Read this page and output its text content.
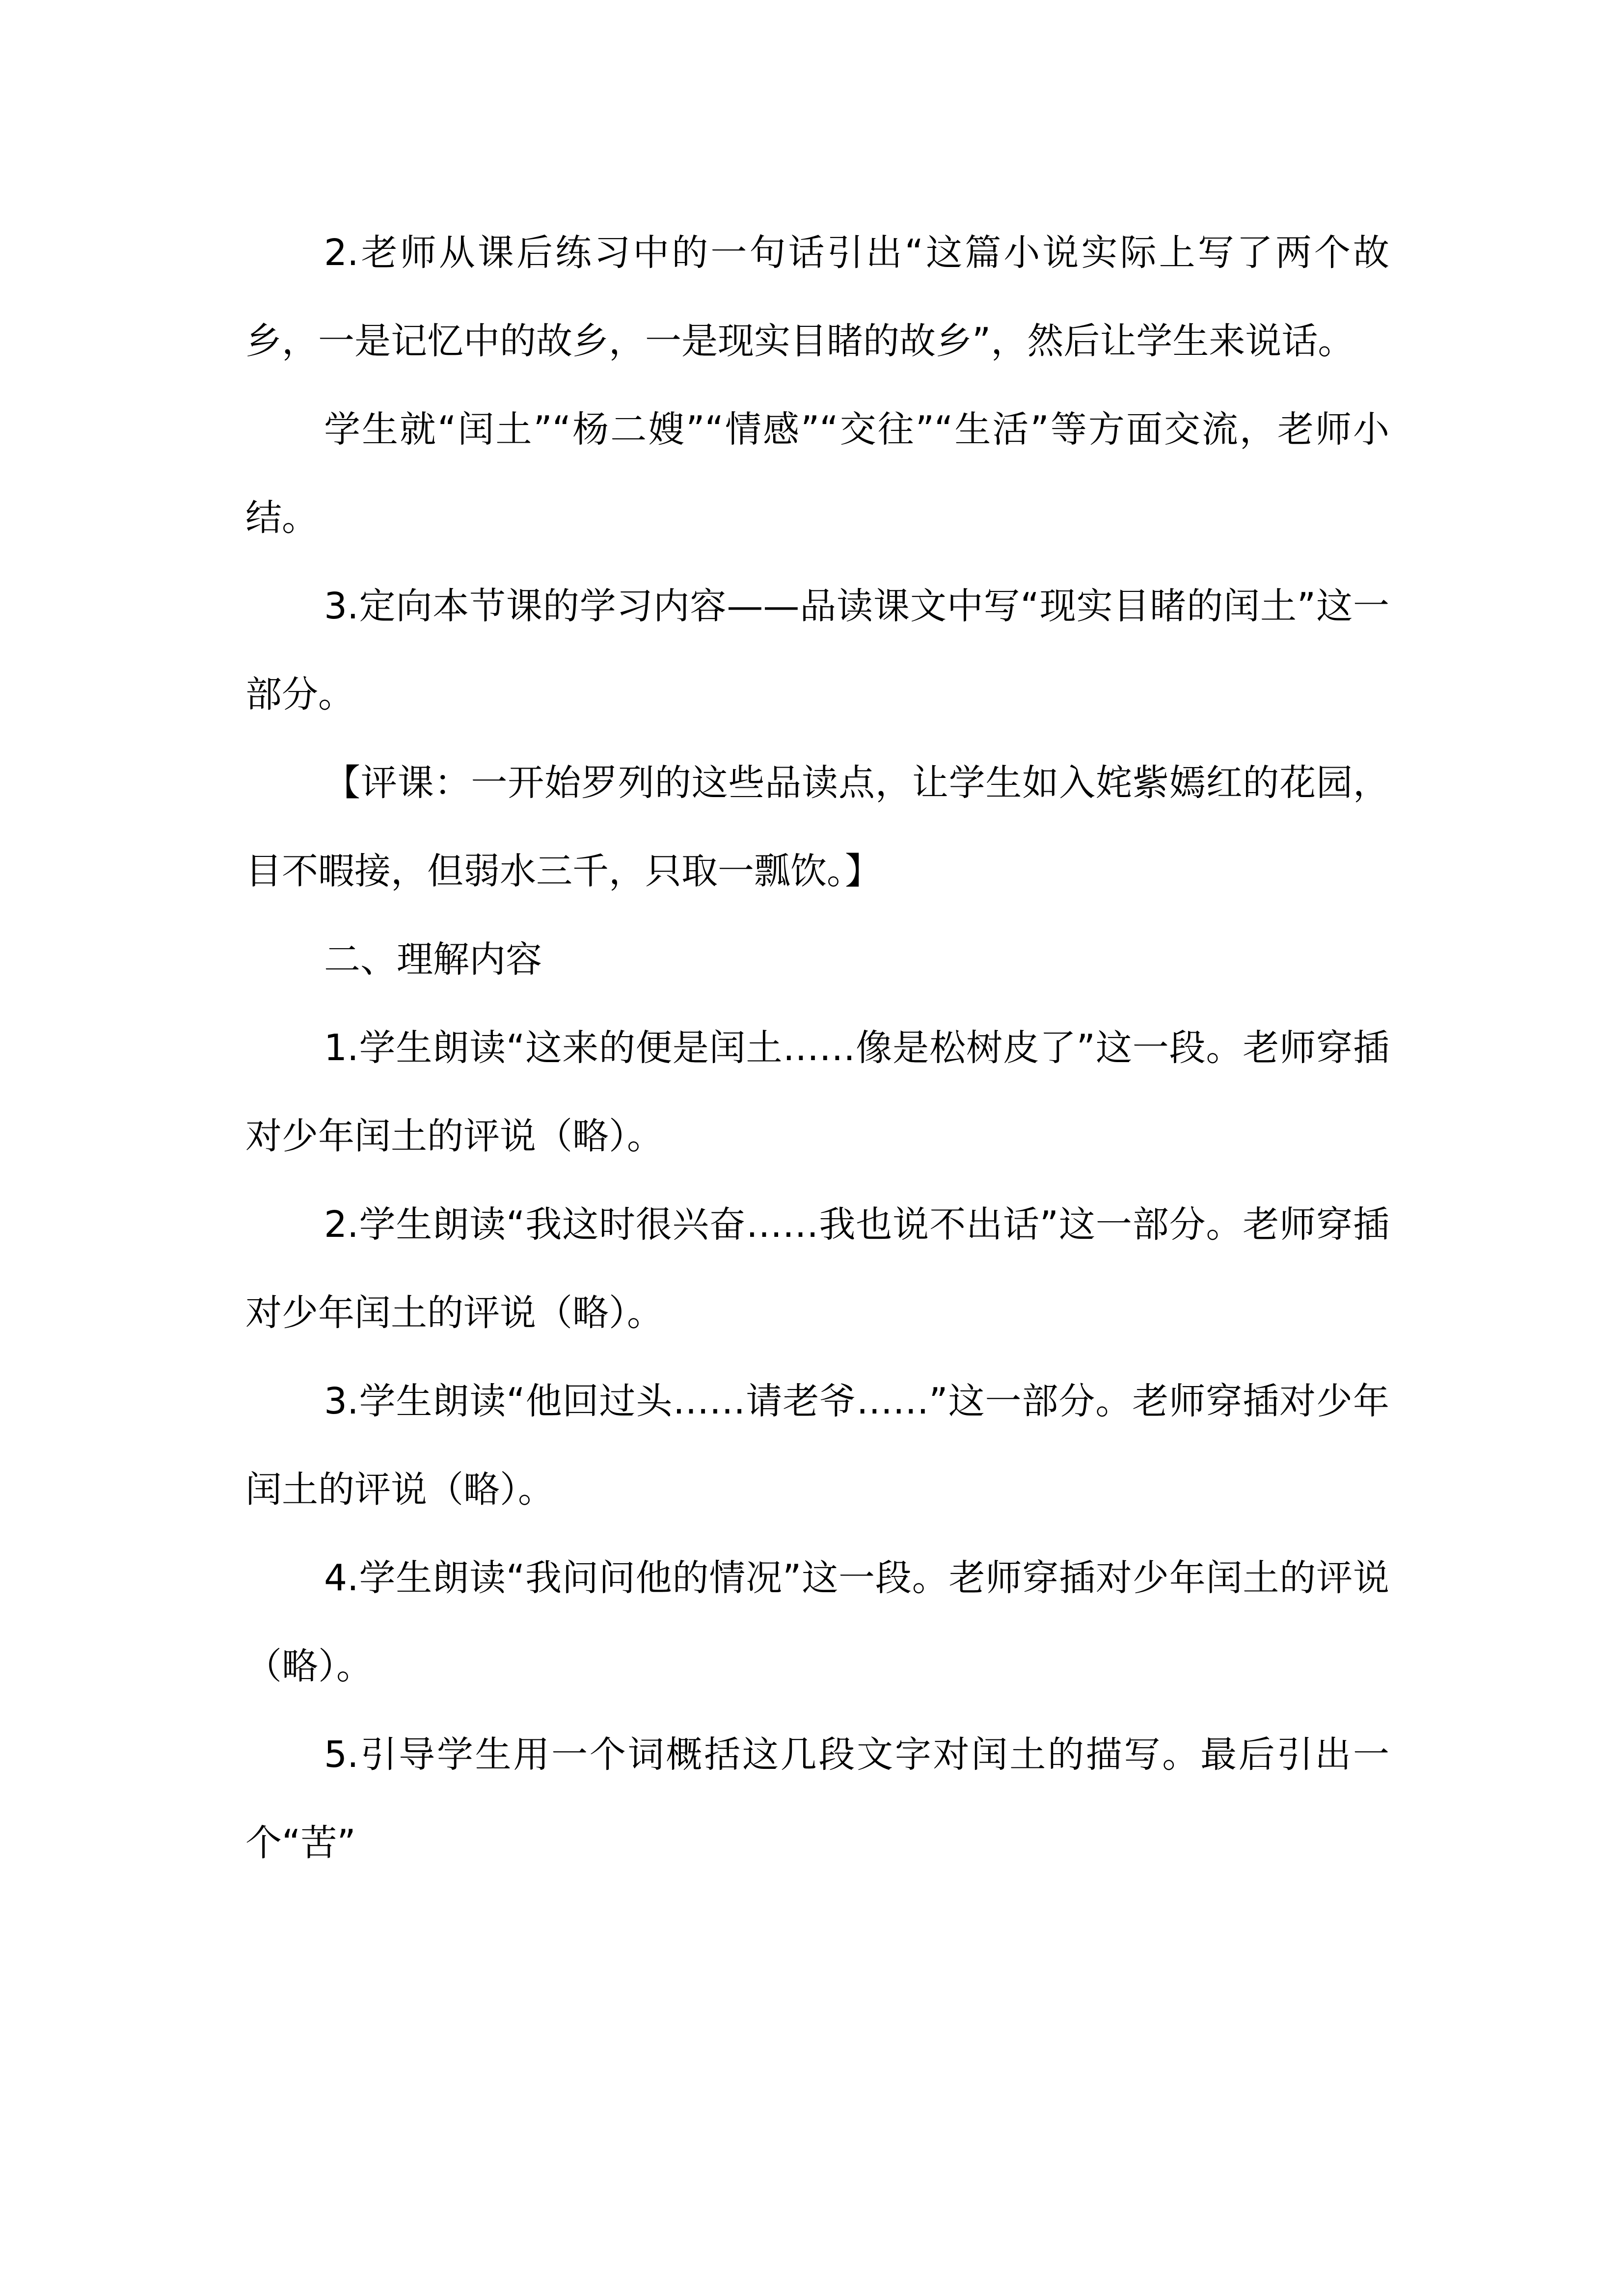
2.老师从课后练习中的一句话引出“这篇小说实际上写了两个故乡，一是记忆中的故乡，一是现实目睹的故乡”，然后让学生来说话。

学生就“闰土”“杨二嫂”“情感”“交往”“生活”等方面交流，老师小结。

3.定向本节课的学习内容——品读课文中写“现实目睹的闰土”这一部分。

【评课：一开始罗列的这些品读点，让学生如入姹紫嫣红的花园，目不暇接，但弱水三千，只取一瓢饮。】

二、理解内容

1.学生朗读“这来的便是闰土……像是松树皮了”这一段。老师穿插对少年闰土的评说（略）。

2.学生朗读“我这时很兴奋……我也说不出话”这一部分。老师穿插对少年闰土的评说（略）。

3.学生朗读“他回过头……请老爷……”这一部分。老师穿插对少年闰土的评说（略）。

4.学生朗读“我问问他的情况”这一段。老师穿插对少年闰土的评说（略）。

5.引导学生用一个词概括这几段文字对闰土的描写。最后引出一个“苦”
